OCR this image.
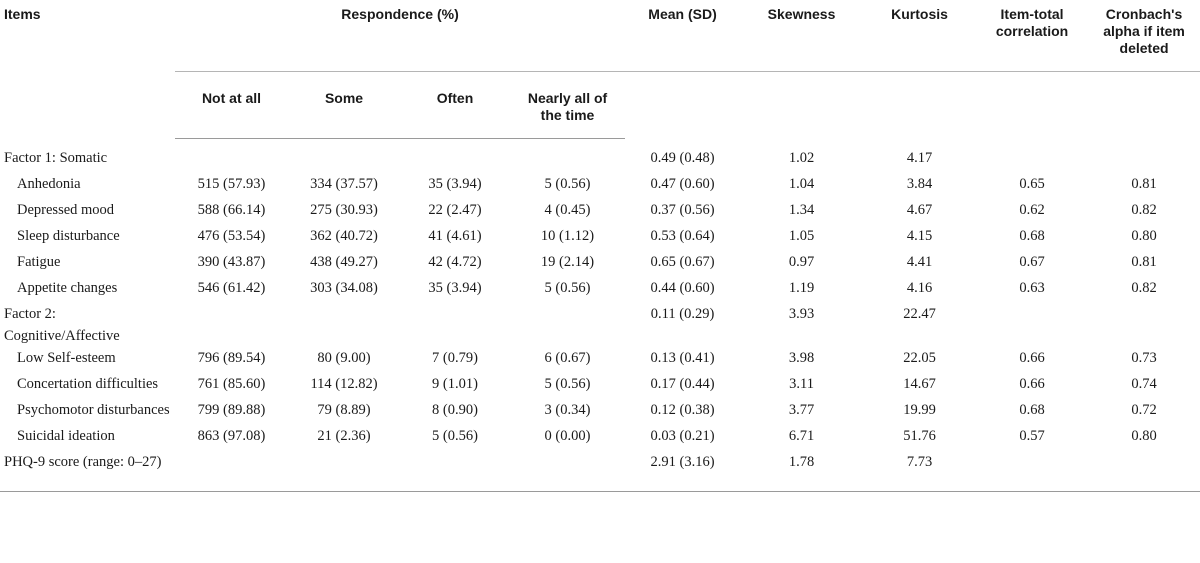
Items	Respondence (%)				Mean (SD)	Skewness	Kurtosis	Item-total correlation	Cronbach's alpha if item deleted
	Not at all	Some	Often	Nearly all of the time					
Factor 1: Somatic					0.49 (0.48)	1.02	4.17		
Anhedonia	515 (57.93)	334 (37.57)	35 (3.94)	5 (0.56)	0.47 (0.60)	1.04	3.84	0.65	0.81
Depressed mood	588 (66.14)	275 (30.93)	22 (2.47)	4 (0.45)	0.37 (0.56)	1.34	4.67	0.62	0.82
Sleep disturbance	476 (53.54)	362 (40.72)	41 (4.61)	10 (1.12)	0.53 (0.64)	1.05	4.15	0.68	0.80
Fatigue	390 (43.87)	438 (49.27)	42 (4.72)	19 (2.14)	0.65 (0.67)	0.97	4.41	0.67	0.81
Appetite changes	546 (61.42)	303 (34.08)	35 (3.94)	5 (0.56)	0.44 (0.60)	1.19	4.16	0.63	0.82
Factor 2: Cognitive/Affective					0.11 (0.29)	3.93	22.47		
Low Self-esteem	796 (89.54)	80 (9.00)	7 (0.79)	6 (0.67)	0.13 (0.41)	3.98	22.05	0.66	0.73
Concertation difficulties	761 (85.60)	114 (12.82)	9 (1.01)	5 (0.56)	0.17 (0.44)	3.11	14.67	0.66	0.74
Psychomotor disturbances	799 (89.88)	79 (8.89)	8 (0.90)	3 (0.34)	0.12 (0.38)	3.77	19.99	0.68	0.72
Suicidal ideation	863 (97.08)	21 (2.36)	5 (0.56)	0 (0.00)	0.03 (0.21)	6.71	51.76	0.57	0.80
PHQ-9 score (range: 0–27)					2.91 (3.16)	1.78	7.73		
